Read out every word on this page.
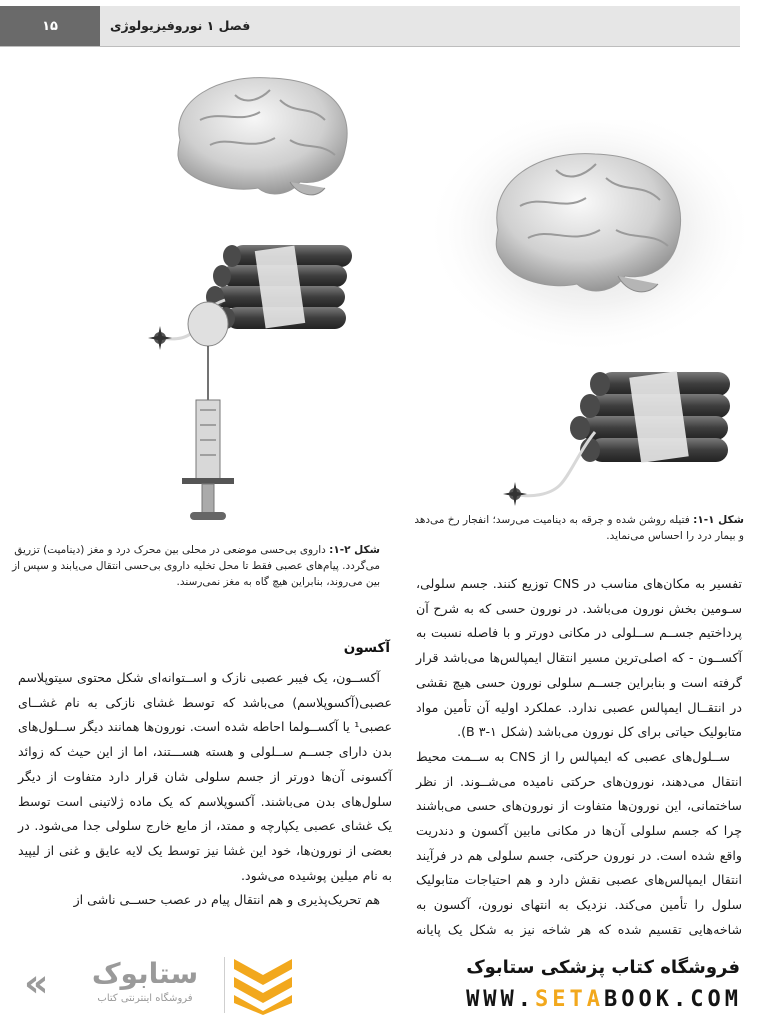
۱۵	فصل ۱ نوروفیزیولوژی
شکل ۲-۱: داروی بی‌حسی موضعی در محلی بین محرک درد و مغز (دینامیت) تزریق می‌گردد. پیام‌های عصبی فقط تا محل تخلیه داروی بی‌حسی انتقال می‌یابند و سپس از بین می‌روند، بنابراین هیچ گاه به مغز نمی‌رسند.
شکل ۱-۱: فتیله روشن شده و جرقه به دینامیت می‌رسد؛ انفجار رخ می‌دهد و بیمار درد را احساس می‌نماید.

تفسیر به مکان‌های مناسب در CNS توزیع کنند. جسم سلولی، سـومین بخش نورون می‌باشد. در نورون حسی که به شرح آن پرداختیم جســم ســلولی در مکانی دورتر و با فاصله نسبت به آکســون - که اصلی‌ترین مسیر انتقال ایمپالس‌ها می‌باشد قرار گرفته است و بنابراین جســم سلولی نورون حسی هیچ نقشی در انتقــال ایمپالس عصبی ندارد. عملکرد اولیه آن تأمین مواد متابولیک حیاتی برای کل نورون می‌باشد (شکل B ۳-۱).

ســلول‌های عصبی که ایمپالس را از CNS به ســمت محیط انتقال می‌دهند، نورون‌های حرکتی نامیده می‌شــوند. از نظر ساختمانی، این نورون‌ها متفاوت از نورون‌های حسی می‌باشند چرا که جسم سلولی آن‌ها در مکانی مابین آکسون و دندریت واقع شده است. در نورون حرکتی، جسم سلولی هم در فرآیند انتقال ایمپالس‌های عصبی نقش دارد و هم احتیاجات متابولیک سلول را تأمین می‌کند. نزدیک به انتهای نورون، آکسون به شاخه‌هایی تقسیم شده که هر شاخه نیز به شکل یک پایانه

آکسون

آکســون، یک فیبر عصبی نازک و اســتوانه‌ای شکل محتوی سیتوپلاسم عصبی(آکسوپلاسم) می‌باشد که توسط غشای نازکی به نام غشــای عصبی¹ یا آکســولما احاطه شده است. نورون‌ها همانند دیگر ســلول‌های بدن دارای جســم ســلولی و هسته هســـتند، اما از این حیث که زوائد آکسونی آن‌ها دورتر از جسم سلولی شان قرار دارد متفاوت از دیگر سلول‌های بدن می‌باشند. آکسوپلاسم که یک ماده ژلاتینی است توسط یک غشای عصبی یکپارچه و ممتد، از مایع خارج سلولی جدا می‌شود. در بعضی از نورون‌ها، خود این غشا نیز توسط یک لایه عایق و غنی از لیپید به نام میلین پوشیده می‌شود.

هم تحریک‌پذیری و هم انتقال پیام در عصب حســی ناشی از

فروشگاه کتاب پزشکی ستابوک
WWW.SETABOOK.COM
«	ستابوک
فروشگاه اینترنتی کتاب
